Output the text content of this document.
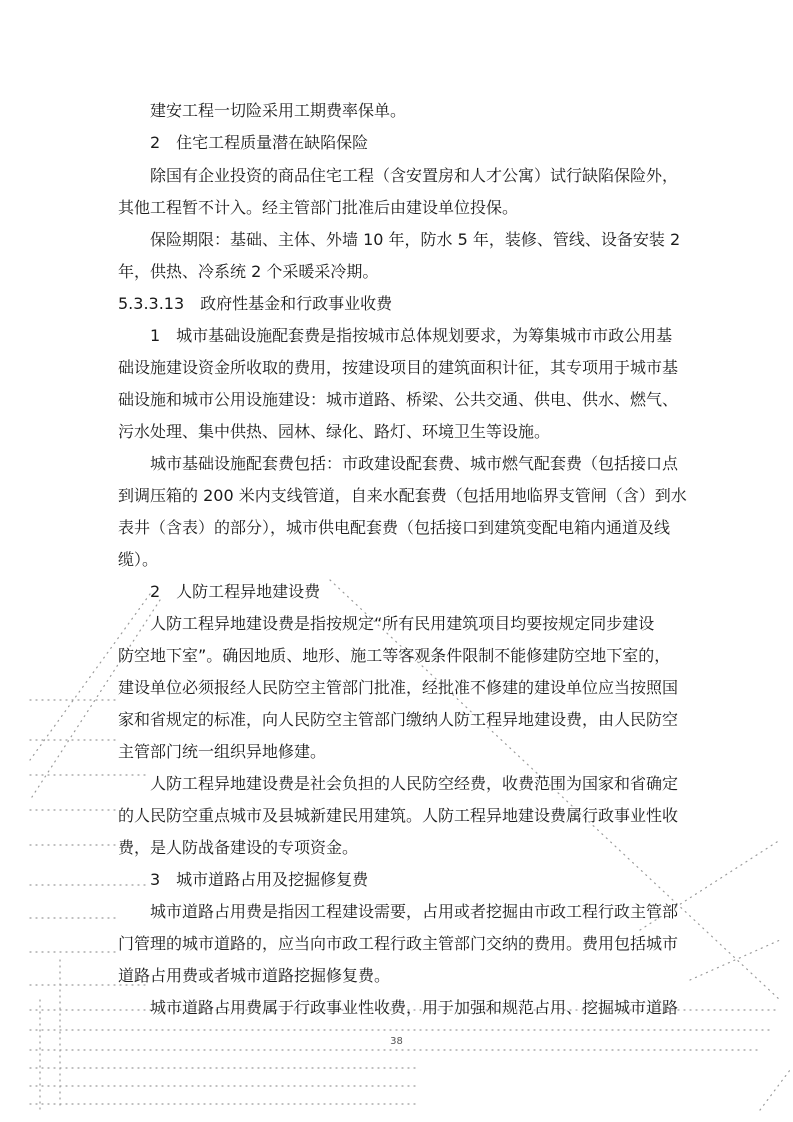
建安工程一切险采用工期费率保单。
2　住宅工程质量潜在缺陷保险
除国有企业投资的商品住宅工程（含安置房和人才公寓）试行缺陷保险外，
其他工程暂不计入。经主管部门批准后由建设单位投保。
保险期限：基础、主体、外墙 10 年，防水 5 年，装修、管线、设备安装 2
年，供热、冷系统 2 个采暖采冷期。
5.3.3.13　政府性基金和行政事业收费
1　城市基础设施配套费是指按城市总体规划要求，为筹集城市市政公用基
础设施建设资金所收取的费用，按建设项目的建筑面积计征，其专项用于城市基
础设施和城市公用设施建设：城市道路、桥梁、公共交通、供电、供水、燃气、
污水处理、集中供热、园林、绿化、路灯、环境卫生等设施。
城市基础设施配套费包括：市政建设配套费、城市燃气配套费（包括接口点
到调压箱的 200 米内支线管道，自来水配套费（包括用地临界支管闸（含）到水
表井（含表）的部分），城市供电配套费（包括接口到建筑变配电箱内通道及线
缆）。
2　人防工程异地建设费
人防工程异地建设费是指按规定“所有民用建筑项目均要按规定同步建设
防空地下室”。确因地质、地形、施工等客观条件限制不能修建防空地下室的，
建设单位必须报经人民防空主管部门批准，经批准不修建的建设单位应当按照国
家和省规定的标准，向人民防空主管部门缴纳人防工程异地建设费，由人民防空
主管部门统一组织异地修建。
人防工程异地建设费是社会负担的人民防空经费，收费范围为国家和省确定
的人民防空重点城市及县城新建民用建筑。人防工程异地建设费属行政事业性收
费，是人防战备建设的专项资金。
3　城市道路占用及挖掘修复费
城市道路占用费是指因工程建设需要，占用或者挖掘由市政工程行政主管部
门管理的城市道路的，应当向市政工程行政主管部门交纳的费用。费用包括城市
道路占用费或者城市道路挖掘修复费。
城市道路占用费属于行政事业性收费，用于加强和规范占用、挖掘城市道路
38
